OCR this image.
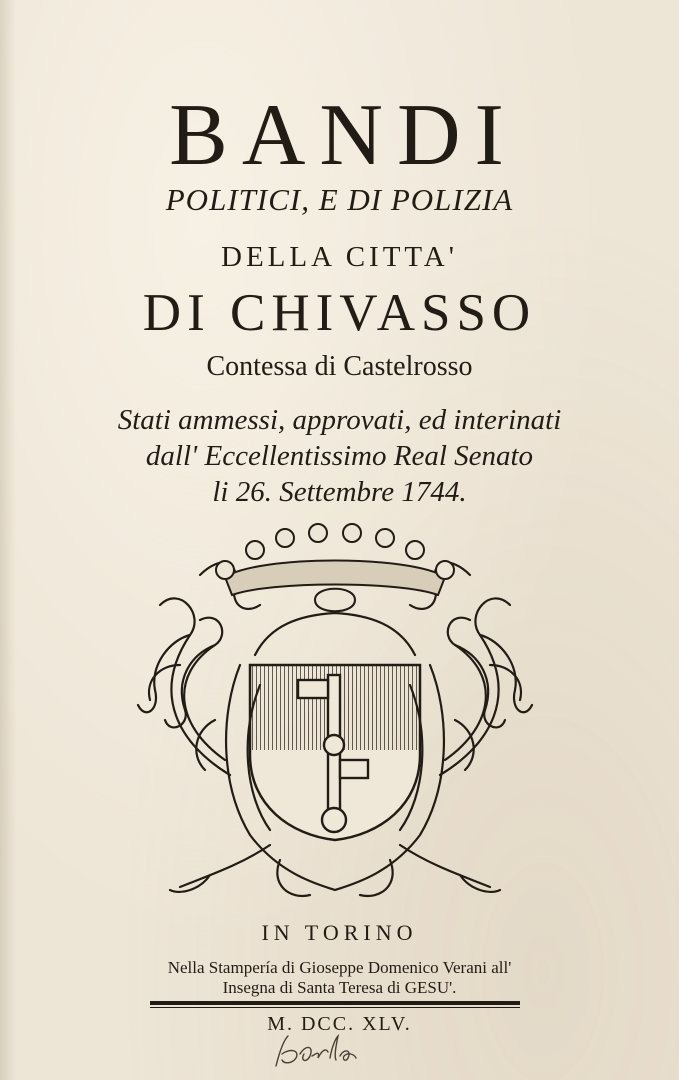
BANDI
POLITICI, E DI POLIZIA
DELLA CITTA'
DI CHIVASSO
Contessa di Castelrosso
Stati ammessi, approvati, ed interinati
dall' Eccellentissimo Real Senato
li 26. Settembre 1744.
IN TORINO
Nella Stampería di Gioseppe Domenico Verani all'
Insegna di Santa Teresa di GESU'.
M. DCC. XLV.
